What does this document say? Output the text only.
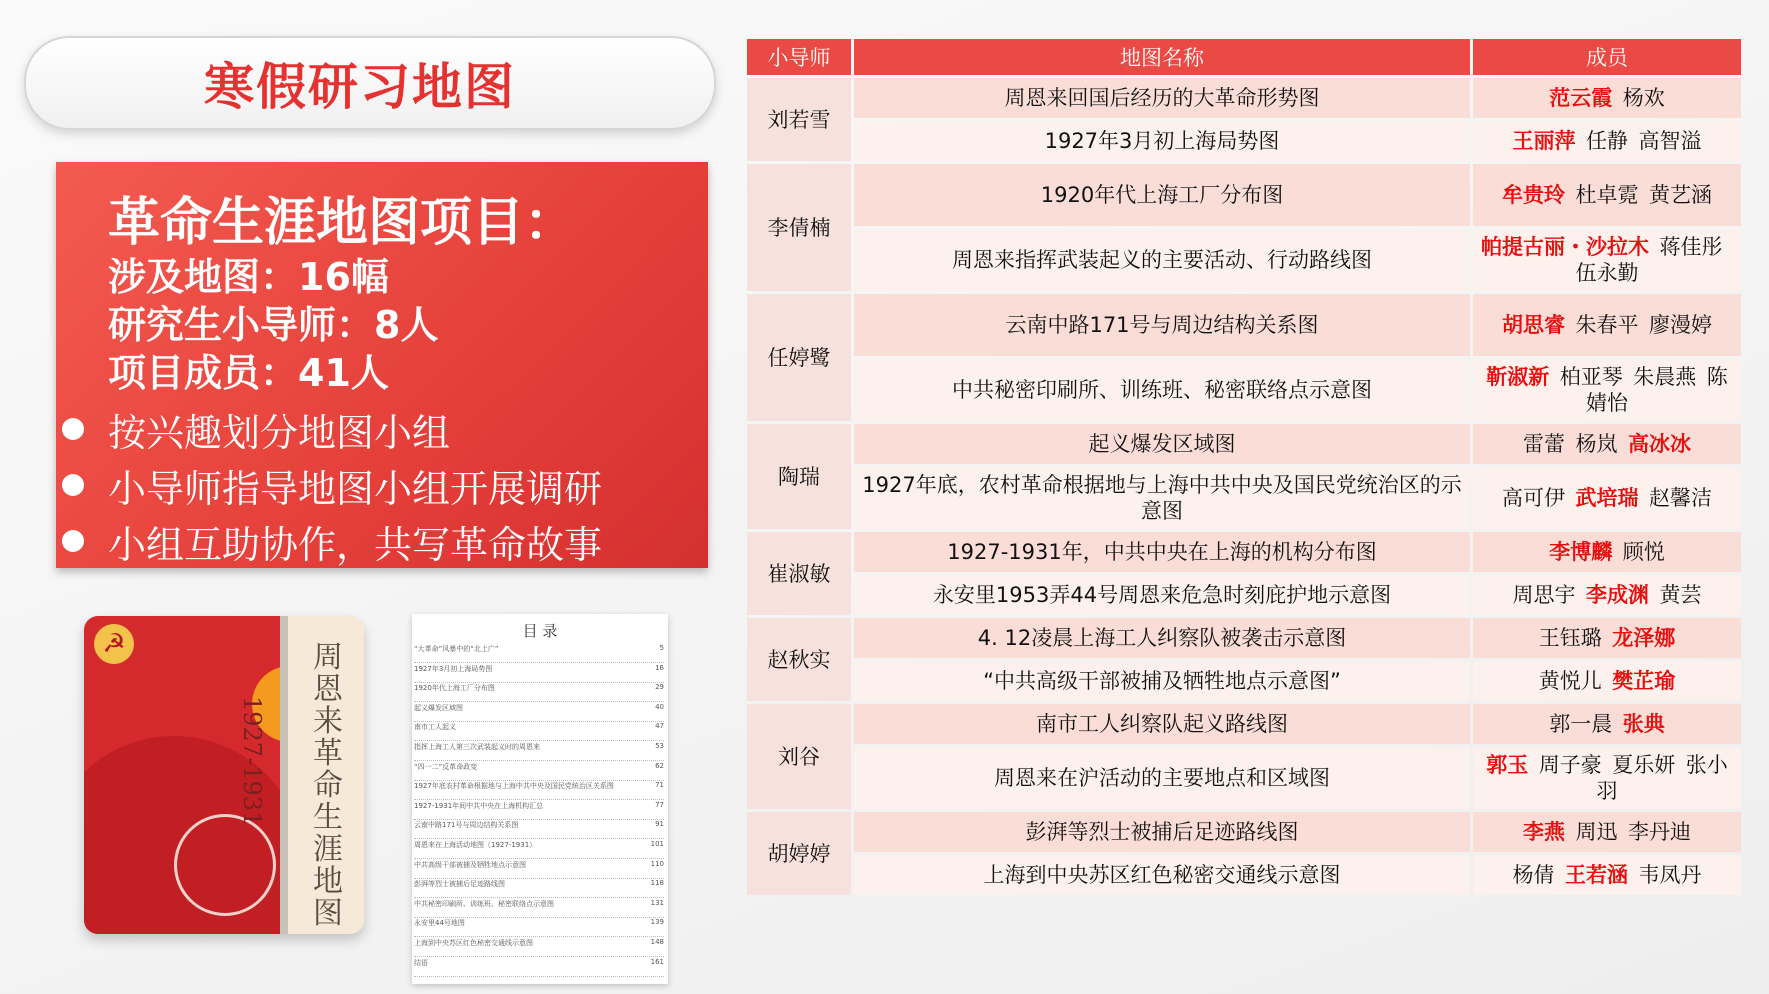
寒假研习地图
革命生涯地图项目：
涉及地图：16幅
研究生小导师：8人
项目成员：41人
按兴趣划分地图小组
小导师指导地图小组开展调研
小组互助协作，共写革命故事
☭
1927-1931
周
恩
来
革
命
生
涯
地
图
目 录
“大革命”风暴中的“北上广”	5
1927年3月初上海局势图	16
1920年代上海工厂分布图	29
起义爆发区域图	40
南市工人起义	47
指挥上海工人第三次武装起义时的周恩来	53
“四一二”反革命政变	62
1927年底农村革命根据地与上海中共中央及国民党统治区关系图	71
1927-1931年间中共中央在上海机构汇总	77
云南中路171号与周边结构关系图	91
周恩来在上海活动地图（1927-1931）	101
中共高级干部被捕及牺牲地点示意图	110
彭湃等烈士被捕后足迹路线图	118
中共秘密印刷所、训练班、秘密联络点示意图	131
永安里44号地图	139
上海到中央苏区红色秘密交通线示意图	148
结语	161
小导师	地图名称	成员
刘若雪	周恩来回国后经历的大革命形势图	范云霞  杨欢
	1927年3月初上海局势图	王丽萍  任静  高智溢
李倩楠	1920年代上海工厂分布图	牟贵玲  杜卓霓  黄艺涵
	周恩来指挥武装起义的主要活动、行动路线图	帕提古丽・沙拉木  蒋佳彤 伍永勤
任婷鹭	云南中路171号与周边结构关系图	胡思睿  朱春平  廖漫婷
	中共秘密印刷所、训练班、秘密联络点示意图	靳淑新  柏亚琴  朱晨燕  陈婧怡
陶瑞	起义爆发区域图	雷蕾  杨岚  高冰冰
	1927年底，农村革命根据地与上海中共中央及国民党统治区的示意图	高可伊  武培瑞  赵馨洁
崔淑敏	1927-1931年，中共中央在上海的机构分布图	李博麟  顾悦
	永安里1953弄44号周恩来危急时刻庇护地示意图	周思宇  李成渊  黄芸
赵秋实	4. 12凌晨上海工人纠察队被袭击示意图	王钰璐  龙泽娜
	“中共高级干部被捕及牺牲地点示意图”	黄悦儿  樊芷瑜
刘谷	南市工人纠察队起义路线图	郭一晨  张典
	周恩来在沪活动的主要地点和区域图	郭玉  周子豪  夏乐妍  张小羽
胡婷婷	彭湃等烈士被捕后足迹路线图	李燕  周迅  李丹迪
	上海到中央苏区红色秘密交通线示意图	杨倩  王若涵  韦凤丹
